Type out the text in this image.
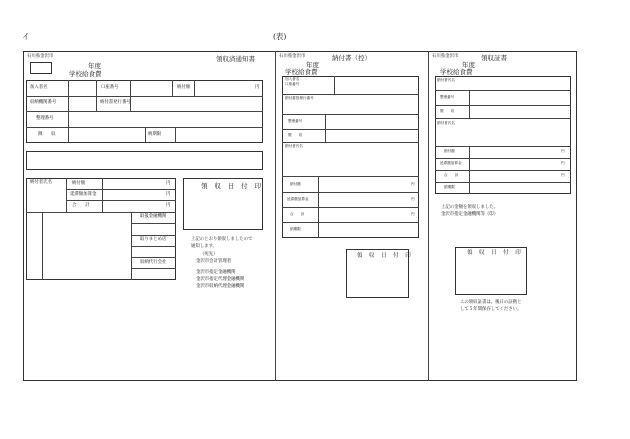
イ	(表)
石川県金沢市	領収済通知書
年度
学校給食費
加入者名	口座番号	納付額	円
収納機関番号	納付書発行番号
整理番号
徴　　収	納期限
納付者氏名	納付額	円
延滞額加算金	円
合　　計	円
取扱金融機関
取りまとめ店
収納代行会社
領 収 日 付 印
上記のとおり領収しましたので
通知します。
（宛先）
金沢市会計管理者
金沢市指定金融機関
金沢市指定代理金融機関
金沢市収納代理金融機関
石川県金沢市	納付書（控）
年度
学校給食費
加入者名
口座番号
納付書管理行番号
整理番号
徴　　収
納付者氏名
納付額	円
延滞額加算金	円
合　　計	円
納期限
領 収 日 付 印
石川県金沢市	領収証書
年度
学校給食費
納付者氏名
整理番号
徴　　収
納付者氏名
納付額	円
延滞額加算金	円
合　　計	円
納期限
上記の金額を領収しました。
金沢市指定金融機関等（印）
領 収 日 付 印
この領収証書は、後日の証拠と
して５年間保存してください。
